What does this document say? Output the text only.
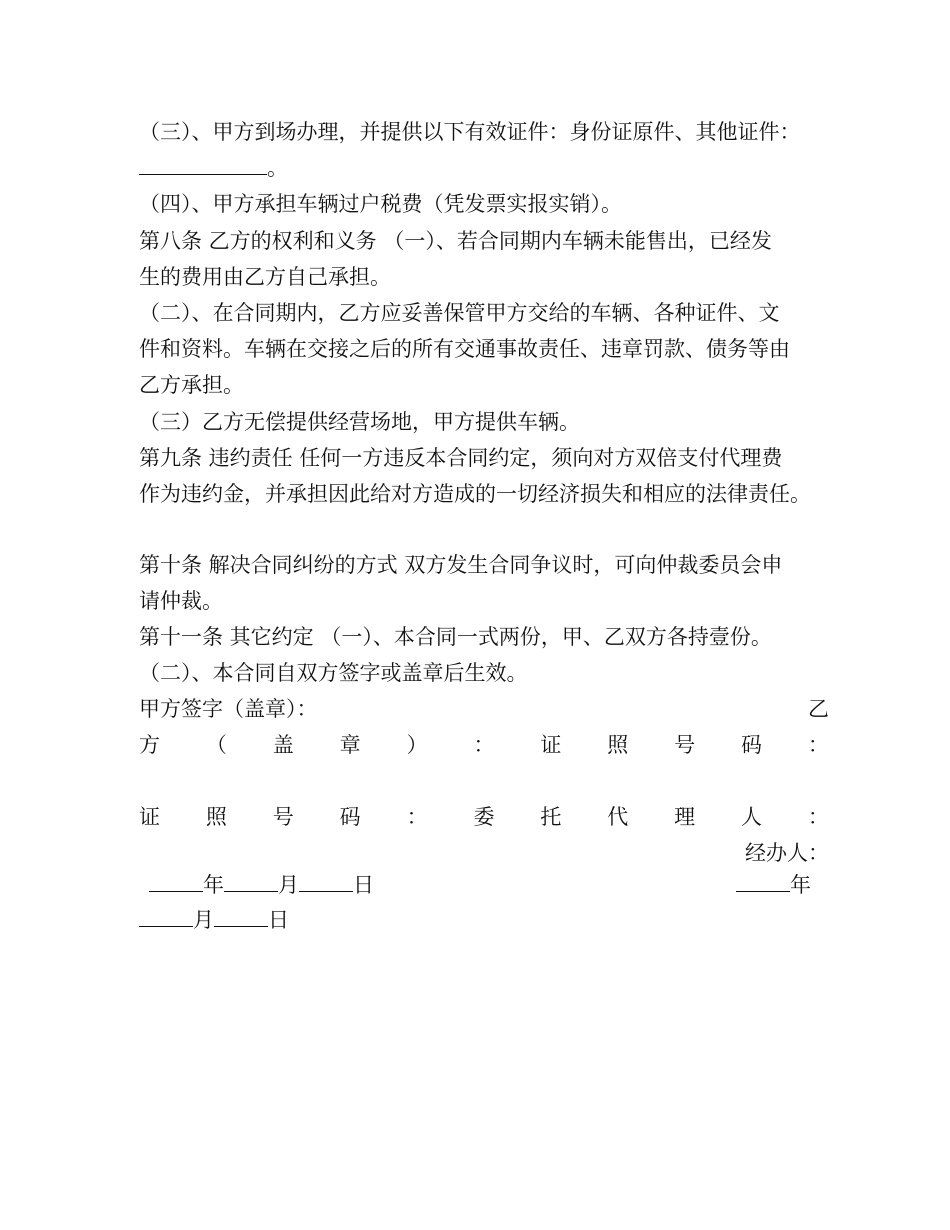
（三）、甲方到场办理，并提供以下有效证件：身份证原件、其他证件：
。
（四）、甲方承担车辆过户税费（凭发票实报实销）。
第八条 乙方的权利和义务 （一）、若合同期内车辆未能售出，已经发
生的费用由乙方自己承担。
（二）、在合同期内，乙方应妥善保管甲方交给的车辆、各种证件、文
件和资料。车辆在交接之后的所有交通事故责任、违章罚款、债务等由
乙方承担。
（三）乙方无偿提供经营场地，甲方提供车辆。
第九条 违约责任 任何一方违反本合同约定，须向对方双倍支付代理费
作为违约金，并承担因此给对方造成的一切经济损失和相应的法律责任。
第十条 解决合同纠纷的方式 双方发生合同争议时，可向仲裁委员会申
请仲裁。
第十一条 其它约定 （一）、本合同一式两份，甲、乙双方各持壹份。
（二）、本合同自双方签字或盖章后生效。
甲方签字（盖章）：	乙
方 （ 盖 章 ） ： 证 照 号 码 ：
证 照 号 码 ： 委 托 代 理 人 ：
经办人：
年	月	日	年
月	日
